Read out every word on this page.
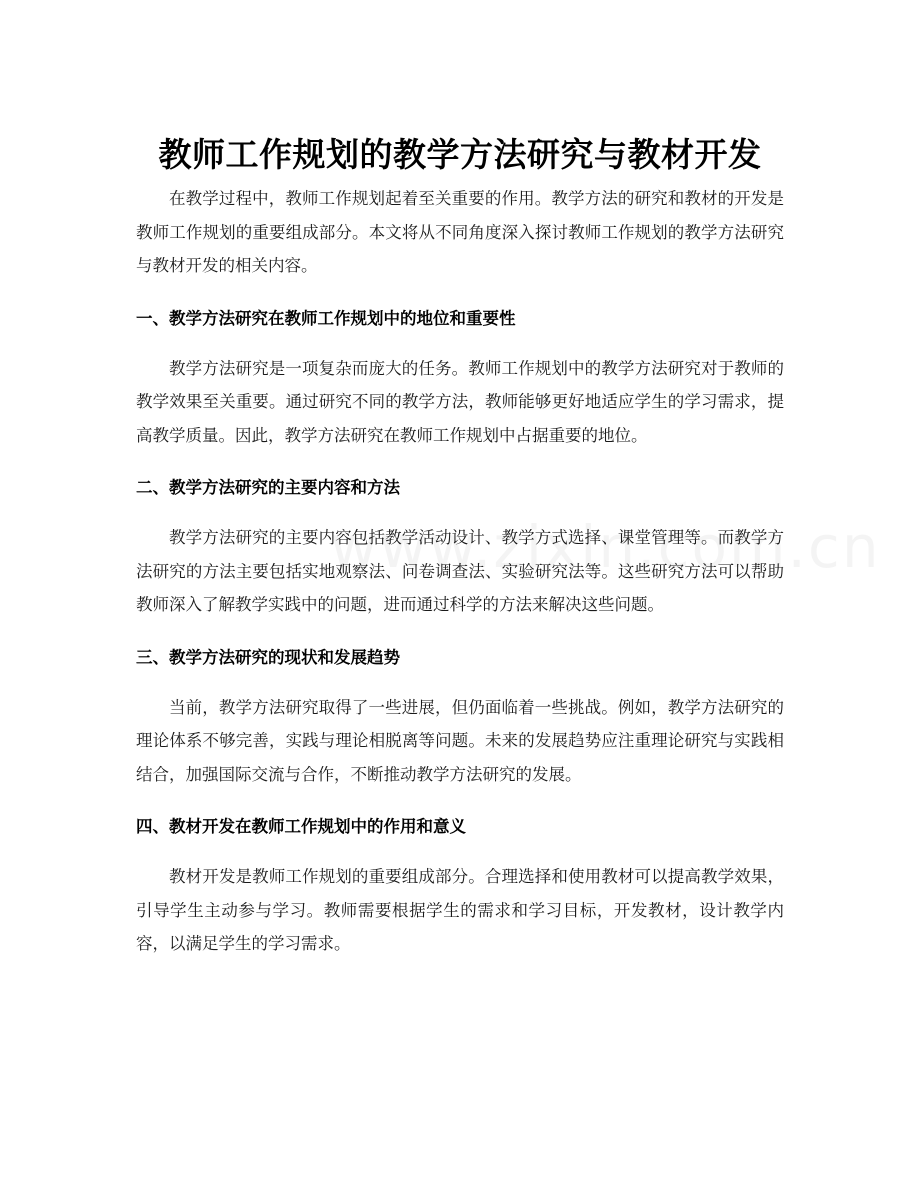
教师工作规划的教学方法研究与教材开发

在教学过程中，教师工作规划起着至关重要的作用。教学方法的研究和教材的开发是教师工作规划的重要组成部分。本文将从不同角度深入探讨教师工作规划的教学方法研究与教材开发的相关内容。

一、教学方法研究在教师工作规划中的地位和重要性

教学方法研究是一项复杂而庞大的任务。教师工作规划中的教学方法研究对于教师的教学效果至关重要。通过研究不同的教学方法，教师能够更好地适应学生的学习需求，提高教学质量。因此，教学方法研究在教师工作规划中占据重要的地位。

二、教学方法研究的主要内容和方法

教学方法研究的主要内容包括教学活动设计、教学方式选择、课堂管理等。而教学方法研究的方法主要包括实地观察法、问卷调查法、实验研究法等。这些研究方法可以帮助教师深入了解教学实践中的问题，进而通过科学的方法来解决这些问题。

三、教学方法研究的现状和发展趋势

当前，教学方法研究取得了一些进展，但仍面临着一些挑战。例如，教学方法研究的理论体系不够完善，实践与理论相脱离等问题。未来的发展趋势应注重理论研究与实践相结合，加强国际交流与合作，不断推动教学方法研究的发展。

四、教材开发在教师工作规划中的作用和意义

教材开发是教师工作规划的重要组成部分。合理选择和使用教材可以提高教学效果，引导学生主动参与学习。教师需要根据学生的需求和学习目标，开发教材，设计教学内容，以满足学生的学习需求。
